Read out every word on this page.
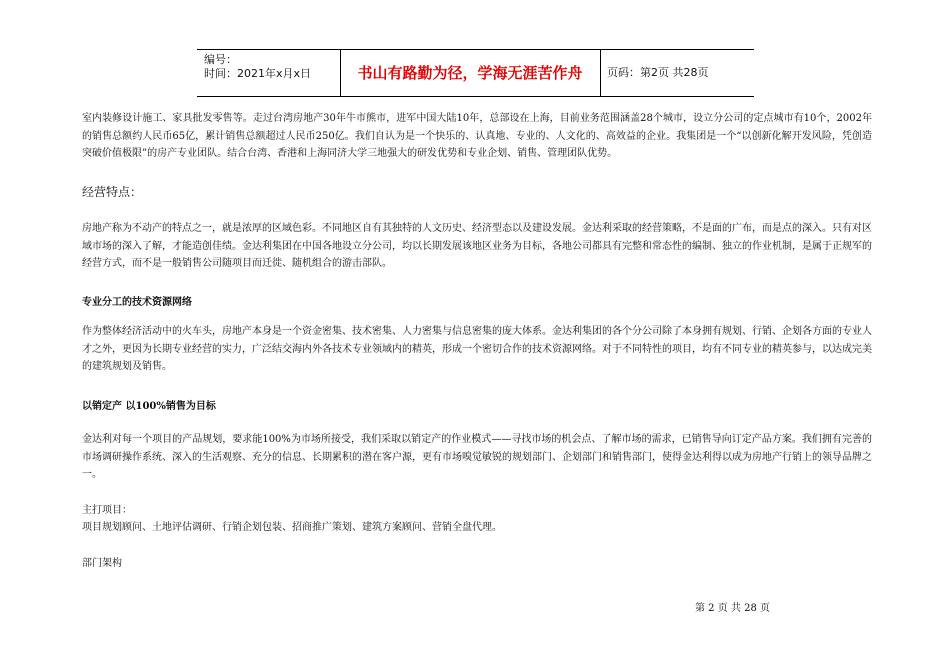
编号：
时间：2021年x月x日	书山有路勤为径，学海无涯苦作舟	页码：第2页 共28页
室内装修设计施工、家具批发零售等。走过台湾房地产30年牛市熊市，进军中国大陆10年，总部设在上海，目前业务范围涵盖28个城市，设立分公司的定点城市有10个，2002年的销售总额约人民币65亿，累计销售总额超过人民币250亿。我们自认为是一个快乐的、认真地、专业的、人文化的、高效益的企业。我集团是一个“以创新化解开发风险，凭创造突破价值极限”的房产专业团队。结合台湾、香港和上海同济大学三地强大的研发优势和专业企划、销售、管理团队优势。
经营特点：
房地产称为不动产的特点之一，就是浓厚的区域色彩。不同地区自有其独特的人文历史、经济型态以及建设发展。金达利采取的经营策略，不是面的广布，而是点的深入。只有对区域市场的深入了解，才能造创佳绩。金达利集团在中国各地设立分公司，均以长期发展该地区业务为目标，各地公司都具有完整和常态性的编制、独立的作业机制，是属于正规军的经营方式，而不是一般销售公司随项目而迁徙、随机组合的游击部队。
专业分工的技术资源网络
作为整体经济活动中的火车头，房地产本身是一个资金密集、技术密集、人力密集与信息密集的庞大体系。金达利集团的各个分公司除了本身拥有规划、行销、企划各方面的专业人才之外，更因为长期专业经营的实力，广泛结交海内外各技术专业领域内的精英，形成一个密切合作的技术资源网络。对于不同特性的项目，均有不同专业的精英参与，以达成完美的建筑规划及销售。
以销定产 以100%销售为目标
金达利对每一个项目的产品规划，要求能100%为市场所接受，我们采取以销定产的作业模式——寻找市场的机会点、了解市场的需求，已销售导向订定产品方案。我们拥有完善的市场调研操作系统、深入的生活观察、充分的信息、长期累积的潜在客户源，更有市场嗅觉敏锐的规划部门、企划部门和销售部门，使得金达利得以成为房地产行销上的领导品牌之一。
主打项目：
项目规划顾问、土地评估调研、行销企划包装、招商推广策划、建筑方案顾问、营销全盘代理。
部门架构
第 2 页 共 28 页
